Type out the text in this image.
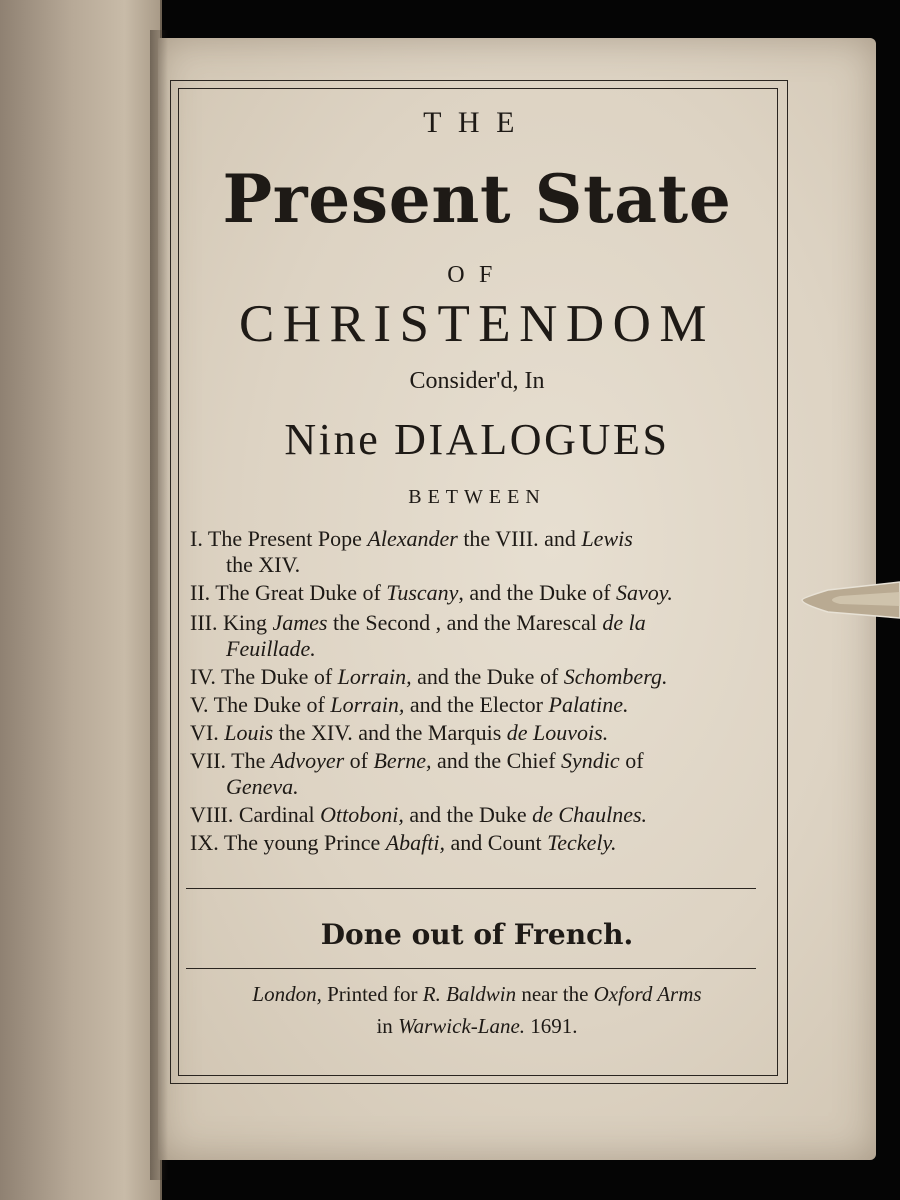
THE
Present State
OF
CHRISTENDOM
Consider'd, In
Nine DIALOGUES
BETWEEN
I. The Present Pope Alexander the VIII. and Lewis
the XIV.
II. The Great Duke of Tuscany, and the Duke of Savoy.
III. King James the Second , and the Marescal de la
Feuillade.
IV. The Duke of Lorrain, and the Duke of Schomberg.
V. The Duke of Lorrain, and the Elector Palatine.
VI. Louis the XIV. and the Marquis de Louvois.
VII. The Advoyer of Berne, and the Chief Syndic of
Geneva.
VIII. Cardinal Ottoboni, and the Duke de Chaulnes.
IX. The young Prince Abafti, and Count Teckely.
Done out of French.
London, Printed for R. Baldwin near the Oxford Arms
in Warwick-Lane. 1691.
